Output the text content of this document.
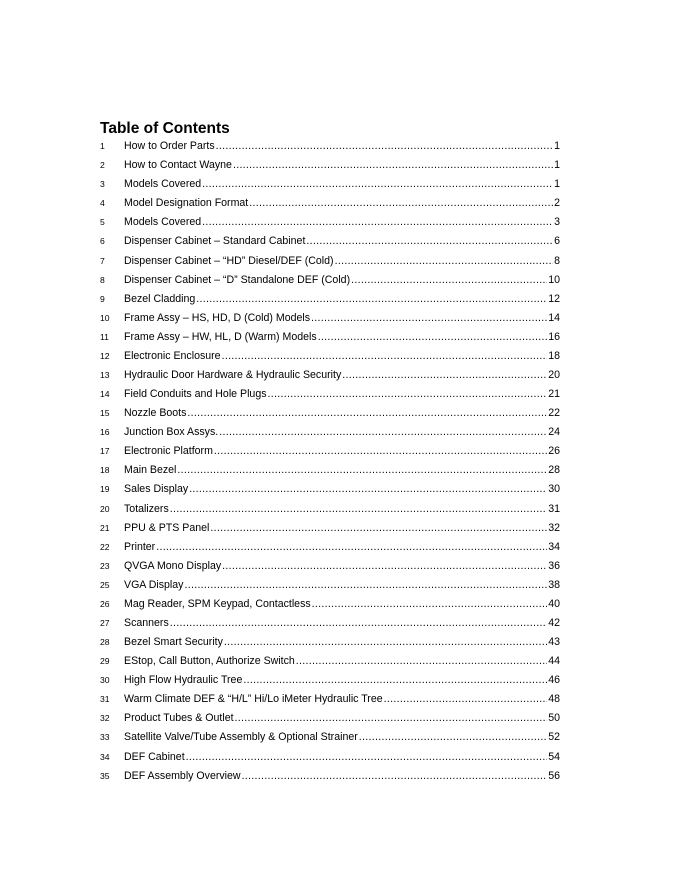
Table of Contents
1	How to Order Parts .....	1
2	How to Contact Wayne .....	1
3	Models Covered .....	1
4	Model Designation Format .....	2
5	Models Covered .....	3
6	Dispenser Cabinet – Standard Cabinet .....	6
7	Dispenser Cabinet – “HD” Diesel/DEF (Cold) .....	8
8	Dispenser Cabinet – “D” Standalone DEF (Cold) .....	10
9	Bezel Cladding .....	12
10	Frame Assy – HS, HD, D (Cold) Models .....	14
11	Frame Assy – HW, HL, D (Warm) Models .....	16
12	Electronic Enclosure .....	18
13	Hydraulic Door Hardware & Hydraulic Security .....	20
14	Field Conduits and Hole Plugs .....	21
15	Nozzle Boots .....	22
16	Junction Box Assys. .....	24
17	Electronic Platform .....	26
18	Main Bezel .....	28
19	Sales Display .....	30
20	Totalizers .....	31
21	PPU & PTS Panel .....	32
22	Printer .....	34
23	QVGA Mono Display .....	36
25	VGA Display .....	38
26	Mag Reader, SPM Keypad, Contactless .....	40
27	Scanners .....	42
28	Bezel Smart Security .....	43
29	EStop, Call Button, Authorize Switch .....	44
30	High Flow Hydraulic Tree .....	46
31	Warm Climate DEF & “H/L” Hi/Lo iMeter Hydraulic Tree .....	48
32	Product Tubes & Outlet .....	50
33	Satellite Valve/Tube Assembly & Optional Strainer .....	52
34	DEF Cabinet .....	54
35	DEF Assembly Overview .....	56
